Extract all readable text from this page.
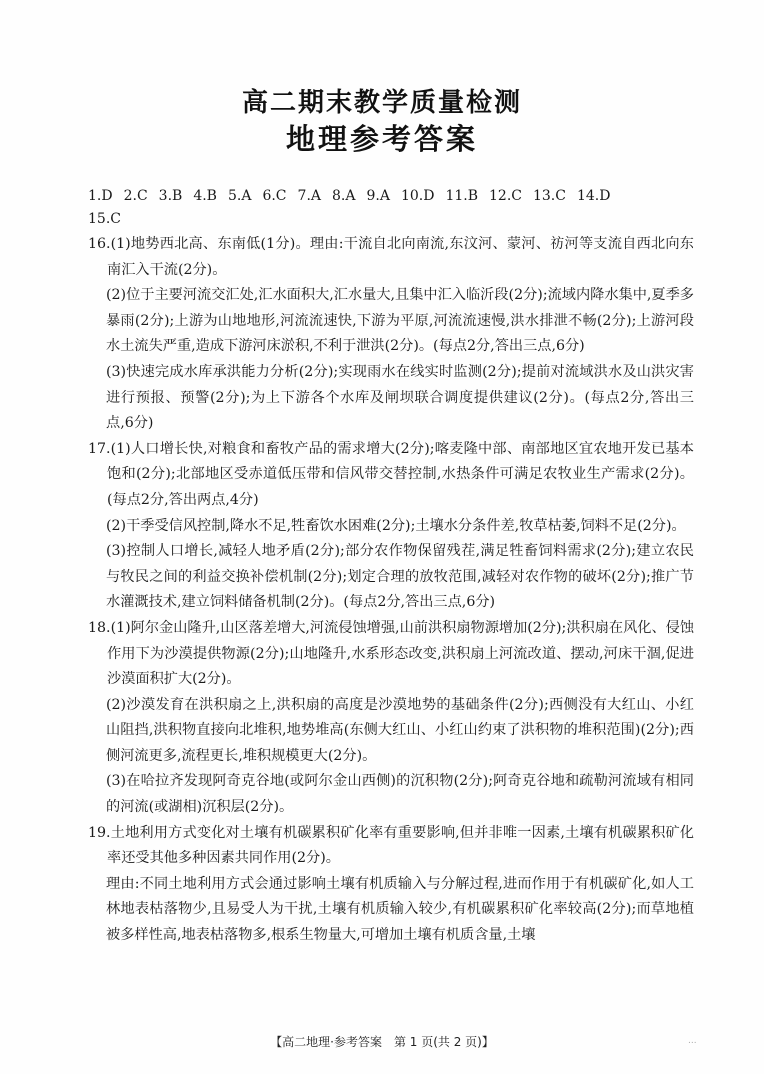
高二期末教学质量检测
地理参考答案
1.D 2.C 3.B 4.B 5.A 6.C 7.A 8.A 9.A 10.D 11.B 12.C 13.C 14.D
15.C

16.(1)地势西北高、东南低(1分)。理由:干流自北向南流,东汶河、蒙河、祊河等支流自西北向东南汇入干流(2分)。

(2)位于主要河流交汇处,汇水面积大,汇水量大,且集中汇入临沂段(2分);流域内降水集中,夏季多暴雨(2分);上游为山地地形,河流流速快,下游为平原,河流流速慢,洪水排泄不畅(2分);上游河段水土流失严重,造成下游河床淤积,不利于泄洪(2分)。(每点2分,答出三点,6分)

(3)快速完成水库承洪能力分析(2分);实现雨水在线实时监测(2分);提前对流域洪水及山洪灾害进行预报、预警(2分);为上下游各个水库及闸坝联合调度提供建议(2分)。(每点2分,答出三点,6分)

17.(1)人口增长快,对粮食和畜牧产品的需求增大(2分);喀麦隆中部、南部地区宜农地开发已基本饱和(2分);北部地区受赤道低压带和信风带交替控制,水热条件可满足农牧业生产需求(2分)。(每点2分,答出两点,4分)

(2)干季受信风控制,降水不足,牲畜饮水困难(2分);土壤水分条件差,牧草枯萎,饲料不足(2分)。

(3)控制人口增长,减轻人地矛盾(2分);部分农作物保留残茬,满足牲畜饲料需求(2分);建立农民与牧民之间的利益交换补偿机制(2分);划定合理的放牧范围,减轻对农作物的破坏(2分);推广节水灌溉技术,建立饲料储备机制(2分)。(每点2分,答出三点,6分)

18.(1)阿尔金山隆升,山区落差增大,河流侵蚀增强,山前洪积扇物源增加(2分);洪积扇在风化、侵蚀作用下为沙漠提供物源(2分);山地隆升,水系形态改变,洪积扇上河流改道、摆动,河床干涸,促进沙漠面积扩大(2分)。

(2)沙漠发育在洪积扇之上,洪积扇的高度是沙漠地势的基础条件(2分);西侧没有大红山、小红山阻挡,洪积物直接向北堆积,地势堆高(东侧大红山、小红山约束了洪积物的堆积范围)(2分);西侧河流更多,流程更长,堆积规模更大(2分)。

(3)在哈拉齐发现阿奇克谷地(或阿尔金山西侧)的沉积物(2分);阿奇克谷地和疏勒河流域有相同的河流(或湖相)沉积层(2分)。

19.土地利用方式变化对土壤有机碳累积矿化率有重要影响,但并非唯一因素,土壤有机碳累积矿化率还受其他多种因素共同作用(2分)。

理由:不同土地利用方式会通过影响土壤有机质输入与分解过程,进而作用于有机碳矿化,如人工林地表枯落物少,且易受人为干扰,土壤有机质输入较少,有机碳累积矿化率较高(2分);而草地植被多样性高,地表枯落物多,根系生物量大,可增加土壤有机质含量,土壤

【高二地理·参考答案　第 1 页(共 2 页)】	...
